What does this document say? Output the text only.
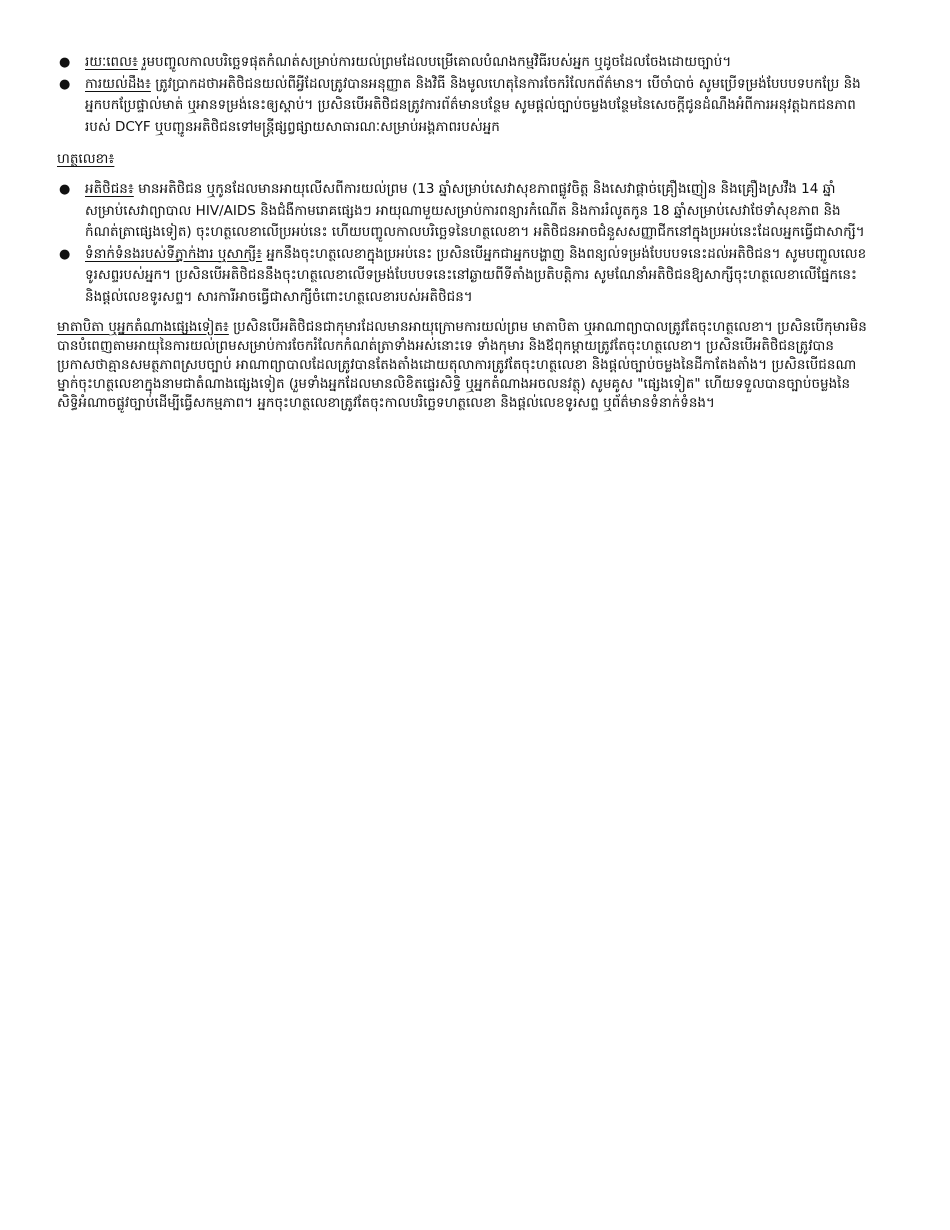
● រយៈពេល៖ រួមបញ្ចូលកាលបរិច្ឆេទផុតកំណត់សម្រាប់ការយល់ព្រមដែលបម្រើគោលបំណងកម្មវិធីរបស់អ្នក ឬដូចដែលចែងដោយច្បាប់។
● ការយល់ដឹង៖ ត្រូវប្រាកដថាអតិថិជនយល់ពីអ្វីដែលត្រូវបានអនុញ្ញាត និងវិធី និងមូលហេតុនៃការចែករំលែកព័ត៌មាន។ បើចាំបាច់ សូមប្រើទម្រង់បែបបទបកប្រែ និងអ្នកបកប្រែផ្ទាល់មាត់ ឬអានទម្រង់នេះឲ្យស្តាប់។ ប្រសិនបើអតិថិជនត្រូវការព័ត៌មានបន្ថែម សូមផ្តល់ច្បាប់ចម្លងបន្ថែមនៃសេចក្តីជូនដំណឹងអំពីការអនុវត្តឯកជនភាពរបស់ DCYF ឬបញ្ជូនអតិថិជនទៅមន្ត្រីផ្សព្វផ្សាយសាធារណៈសម្រាប់អង្គភាពរបស់អ្នក
ហត្ថលេខា៖
● អតិថិជន៖ មានអតិថិជន ឬកូនដែលមានអាយុលើសពីការយល់ព្រម (13 ឆ្នាំសម្រាប់សេវាសុខភាពផ្លូវចិត្ត និងសេវាផ្តាច់គ្រឿងញៀន និងគ្រឿងស្រវឹង 14 ឆ្នាំសម្រាប់សេវាព្យាបាល HIV/AIDS និងជំងឺកាមរោគផ្សេងៗ អាយុណាមួយសម្រាប់ការពន្យារកំណើត និងការរំលូតកូន 18 ឆ្នាំសម្រាប់សេវាថែទាំសុខភាព និងកំណត់ត្រាផ្សេងទៀត) ចុះហត្ថលេខាលើប្រអប់នេះ ហើយបញ្ចូលកាលបរិច្ឆេទនៃហត្ថលេខា។ អតិថិជនអាចជំនួសសញ្ញាជីកនៅក្នុងប្រអប់នេះដែលអ្នកធ្វើជាសាក្សី។
● ទំនាក់ទំនងរបស់ទីភ្នាក់ងារ ឬសាក្សី៖ អ្នកនឹងចុះហត្ថលេខាក្នុងប្រអប់នេះ ប្រសិនបើអ្នកជាអ្នកបង្ហាញ និងពន្យល់ទម្រង់បែបបទនេះដល់អតិថិជន។ សូមបញ្ចូលលេខទូរសព្ទរបស់អ្នក។ ប្រសិនបើអតិថិជននឹងចុះហត្ថលេខាលើទម្រង់បែបបទនេះនៅឆ្ងាយពីទីតាំងប្រតិបត្តិការ សូមណែនាំអតិថិជនឱ្យសាក្សីចុះហត្ថលេខាលើផ្នែកនេះ និងផ្តល់លេខទូរសព្ទ។ សារការីអាចធ្វើជាសាក្សីចំពោះហត្ថលេខារបស់អតិថិជន។

មាតាបិតា ឬអ្នកតំណាងផ្សេងទៀត៖ ប្រសិនបើអតិថិជនជាកុមារដែលមានអាយុក្រោមការយល់ព្រម មាតាបិតា ឬអាណាព្យាបាលត្រូវតែចុះហត្ថលេខា។ ប្រសិនបើកុមារមិនបានបំពេញតាមអាយុនៃការយល់ព្រមសម្រាប់ការចែករំលែកកំណត់ត្រាទាំងអស់នោះទេ ទាំងកុមារ និងឪពុកម្តាយត្រូវតែចុះហត្ថលេខា។ ប្រសិនបើអតិថិជនត្រូវបានប្រកាសថាគ្មានសមត្ថភាពស្របច្បាប់ អាណាព្យាបាលដែលត្រូវបានតែងតាំងដោយតុលាការត្រូវតែចុះហត្ថលេខា និងផ្តល់ច្បាប់ចម្លងនៃដីកាតែងតាំង។ ប្រសិនបើជនណាម្នាក់ចុះហត្ថលេខាក្នុងនាមជាតំណាងផ្សេងទៀត (រួមទាំងអ្នកដែលមានលិខិតផ្ទេរសិទ្ធិ ឬអ្នកតំណាងអចលនវត្ថុ) សូមគូស "ផ្សេងទៀត" ហើយទទួលបានច្បាប់ចម្លងនៃសិទ្ធិអំណាចផ្លូវច្បាប់ដើម្បីធ្វើសកម្មភាព។ អ្នកចុះហត្ថលេខាត្រូវតែចុះកាលបរិច្ឆេទហត្ថលេខា និងផ្តល់លេខទូរសព្ទ ឬព័ត៌មានទំនាក់ទំនង។
